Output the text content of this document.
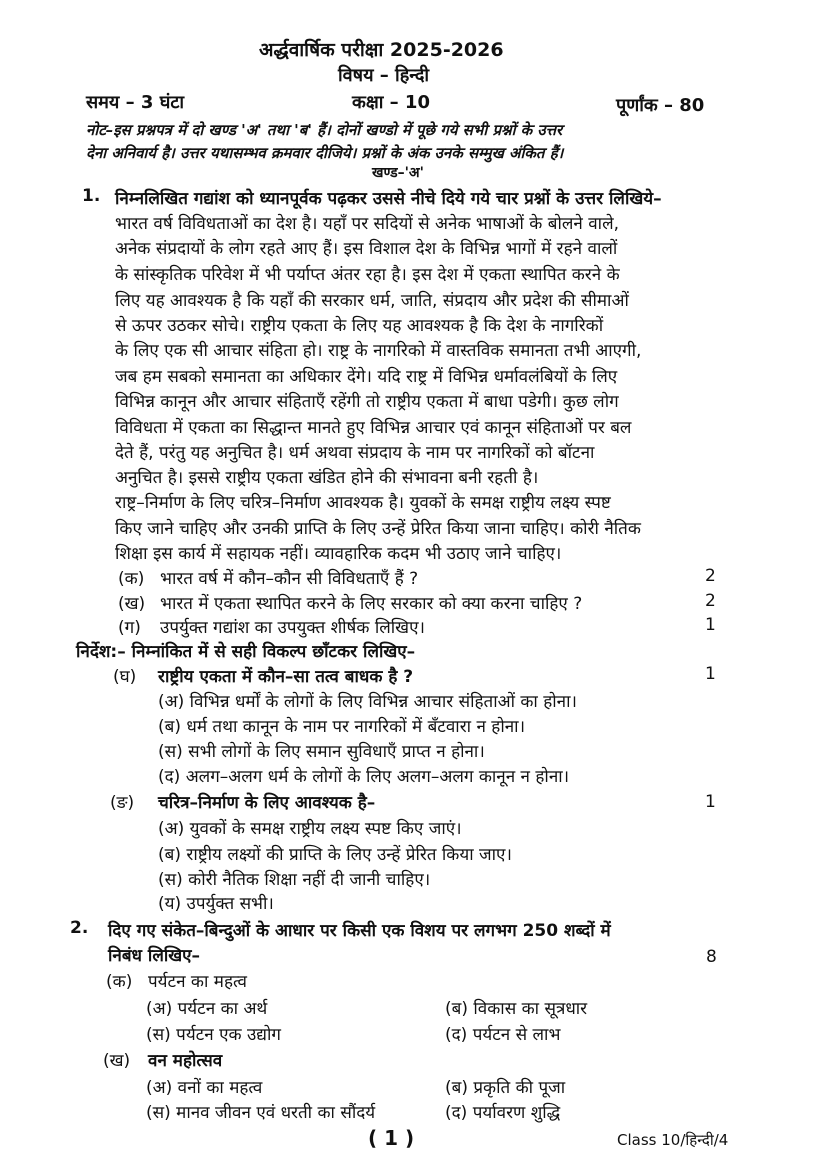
अर्द्धवार्षिक परीक्षा 2025-2026
विषय – हिन्दी
समय – 3 घंटा	कक्षा – 10	पूर्णांक – 80
नोट–इस प्रश्नपत्र में दो खण्ड 'अ' तथा 'ब' हैं। दोनों खण्डो में पूछे गये सभी प्रश्नों के उत्तर
देना अनिवार्य है। उत्तर यथासम्भव क्रमवार दीजिये। प्रश्नों के अंक उनके सम्मुख अंकित हैं।
खण्ड–'अ'
1. निम्नलिखित गद्यांश को ध्यानपूर्वक पढ़कर उससे नीचे दिये गये चार प्रश्नों के उत्तर लिखिये–
भारत वर्ष विविधताओं का देश है। यहाँ पर सदियों से अनेक भाषाओं के बोलने वाले,
अनेक संप्रदायों के लोग रहते आए हैं। इस विशाल देश के विभिन्न भागों में रहने वालों
के सांस्कृतिक परिवेश में भी पर्याप्त अंतर रहा है। इस देश में एकता स्थापित करने के
लिए यह आवश्यक है कि यहाँ की सरकार धर्म, जाति, संप्रदाय और प्रदेश की सीमाओं
से ऊपर उठकर सोचे। राष्ट्रीय एकता के लिए यह आवश्यक है कि देश के नागरिकों
के लिए एक सी आचार संहिता हो। राष्ट्र के नागरिको में वास्तविक समानता तभी आएगी,
जब हम सबको समानता का अधिकार देंगे। यदि राष्ट्र में विभिन्न धर्मावलंबियों के लिए
विभिन्न कानून और आचार संहिताएँ रहेंगी तो राष्ट्रीय एकता में बाधा पडेगी। कुछ लोग
विविधता में एकता का सिद्धान्त मानते हुए विभिन्न आचार एवं कानून संहिताओं पर बल
देते हैं, परंतु यह अनुचित है। धर्म अथवा संप्रदाय के नाम पर नागरिकों को बॉटना
अनुचित है। इससे राष्ट्रीय एकता खंडित होने की संभावना बनी रहती है।
राष्ट्र–निर्माण के लिए चरित्र–निर्माण आवश्यक है। युवकों के समक्ष राष्ट्रीय लक्ष्य स्पष्ट
किए जाने चाहिए और उनकी प्राप्ति के लिए उन्हें प्रेरित किया जाना चाहिए। कोरी नैतिक
शिक्षा इस कार्य में सहायक नहीं। व्यावहारिक कदम भी उठाए जाने चाहिए।
(क) भारत वर्ष में कौन–कौन सी विविधताएँ हैं ?	2
(ख) भारत में एकता स्थापित करने के लिए सरकार को क्या करना चाहिए ?	2
(ग) उपर्युक्त गद्यांश का उपयुक्त शीर्षक लिखिए।	1
निर्देश:– निम्नांकित में से सही विकल्प छाँटकर लिखिए–
(घ) राष्ट्रीय एकता में कौन–सा तत्व बाधक है ?	1
(अ) विभिन्न धर्मों के लोगों के लिए विभिन्न आचार संहिताओं का होना।
(ब) धर्म तथा कानून के नाम पर नागरिकों में बँटवारा न होना।
(स) सभी लोगों के लिए समान सुविधाएँ प्राप्त न होना।
(द) अलग–अलग धर्म के लोगों के लिए अलग–अलग कानून न होना।
(ङ) चरित्र–निर्माण के लिए आवश्यक है–	1
(अ) युवकों के समक्ष राष्ट्रीय लक्ष्य स्पष्ट किए जाएं।
(ब) राष्ट्रीय लक्ष्यों की प्राप्ति के लिए उन्हें प्रेरित किया जाए।
(स) कोरी नैतिक शिक्षा नहीं दी जानी चाहिए।
(य) उपर्युक्त सभी।
2. दिए गए संकेत–बिन्दुओं के आधार पर किसी एक विशय पर लगभग 250 शब्दों में
निबंध लिखिए–	8
(क) पर्यटन का महत्व
(अ) पर्यटन का अर्थ	(ब) विकास का सूत्रधार
(स) पर्यटन एक उद्योग	(द) पर्यटन से लाभ
(ख) वन महोत्सव
(अ) वनों का महत्व	(ब) प्रकृति की पूजा
(स) मानव जीवन एवं धरती का सौंदर्य	(द) पर्यावरण शुद्धि
( 1 )	Class 10/हिन्दी/4
